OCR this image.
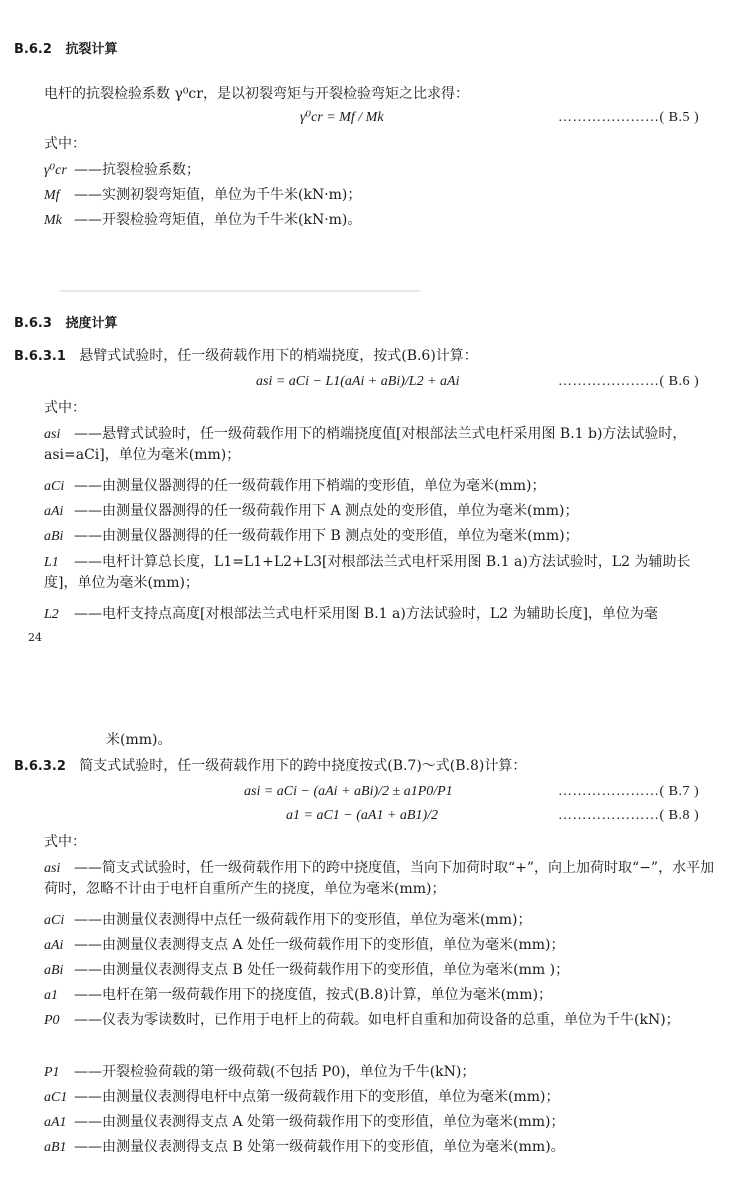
B.6.2 抗裂计算
电杆的抗裂检验系数 γ⁰cr，是以初裂弯矩与开裂检验弯矩之比求得：
γ⁰cr = Mf / Mk	…………………( B.5 )
式中：
γ⁰cr ——抗裂检验系数；
Mf ——实测初裂弯矩值，单位为千牛米(kN·m)；
Mk ——开裂检验弯矩值，单位为千牛米(kN·m)。
B.6.3 挠度计算
B.6.3.1 悬臂式试验时，任一级荷载作用下的梢端挠度，按式(B.6)计算：
asi = aCi − L1(aAi + aBi)/L2 + aAi	…………………( B.6 )
式中：
asi ——悬臂式试验时，任一级荷载作用下的梢端挠度值[对根部法兰式电杆采用图 B.1 b)方法试验时，asi=aCi]，单位为毫米(mm)；
aCi ——由测量仪器测得的任一级荷载作用下梢端的变形值，单位为毫米(mm)；
aAi ——由测量仪器测得的任一级荷载作用下 A 测点处的变形值，单位为毫米(mm)；
aBi ——由测量仪器测得的任一级荷载作用下 B 测点处的变形值，单位为毫米(mm)；
L1 ——电杆计算总长度，L1=L1+L2+L3[对根部法兰式电杆采用图 B.1 a)方法试验时，L2 为辅助长度]，单位为毫米(mm)；
L2 ——电杆支持点高度[对根部法兰式电杆采用图 B.1 a)方法试验时，L2 为辅助长度]，单位为毫
24
米(mm)。
B.6.3.2 简支式试验时，任一级荷载作用下的跨中挠度按式(B.7)～式(B.8)计算：
asi = aCi − (aAi + aBi)/2 ± a1P0/P1	…………………( B.7 )
a1 = aC1 − (aA1 + aB1)/2	…………………( B.8 )
式中：
asi ——简支式试验时，任一级荷载作用下的跨中挠度值，当向下加荷时取“+”，向上加荷时取“−”，水平加荷时，忽略不计由于电杆自重所产生的挠度，单位为毫米(mm)；
aCi ——由测量仪表测得中点任一级荷载作用下的变形值，单位为毫米(mm)；
aAi ——由测量仪表测得支点 A 处任一级荷载作用下的变形值，单位为毫米(mm)；
aBi ——由测量仪表测得支点 B 处任一级荷载作用下的变形值，单位为毫米(mm )；
a1 ——电杆在第一级荷载作用下的挠度值，按式(B.8)计算，单位为毫米(mm)；
P0 ——仪表为零读数时，已作用于电杆上的荷载。如电杆自重和加荷设备的总重，单位为千牛(kN)；
P1 ——开裂检验荷载的第一级荷载(不包括 P0)，单位为千牛(kN)；
aC1 ——由测量仪表测得电杆中点第一级荷载作用下的变形值，单位为毫米(mm)；
aA1 ——由测量仪表测得支点 A 处第一级荷载作用下的变形值，单位为毫米(mm)；
aB1 ——由测量仪表测得支点 B 处第一级荷载作用下的变形值，单位为毫米(mm)。
